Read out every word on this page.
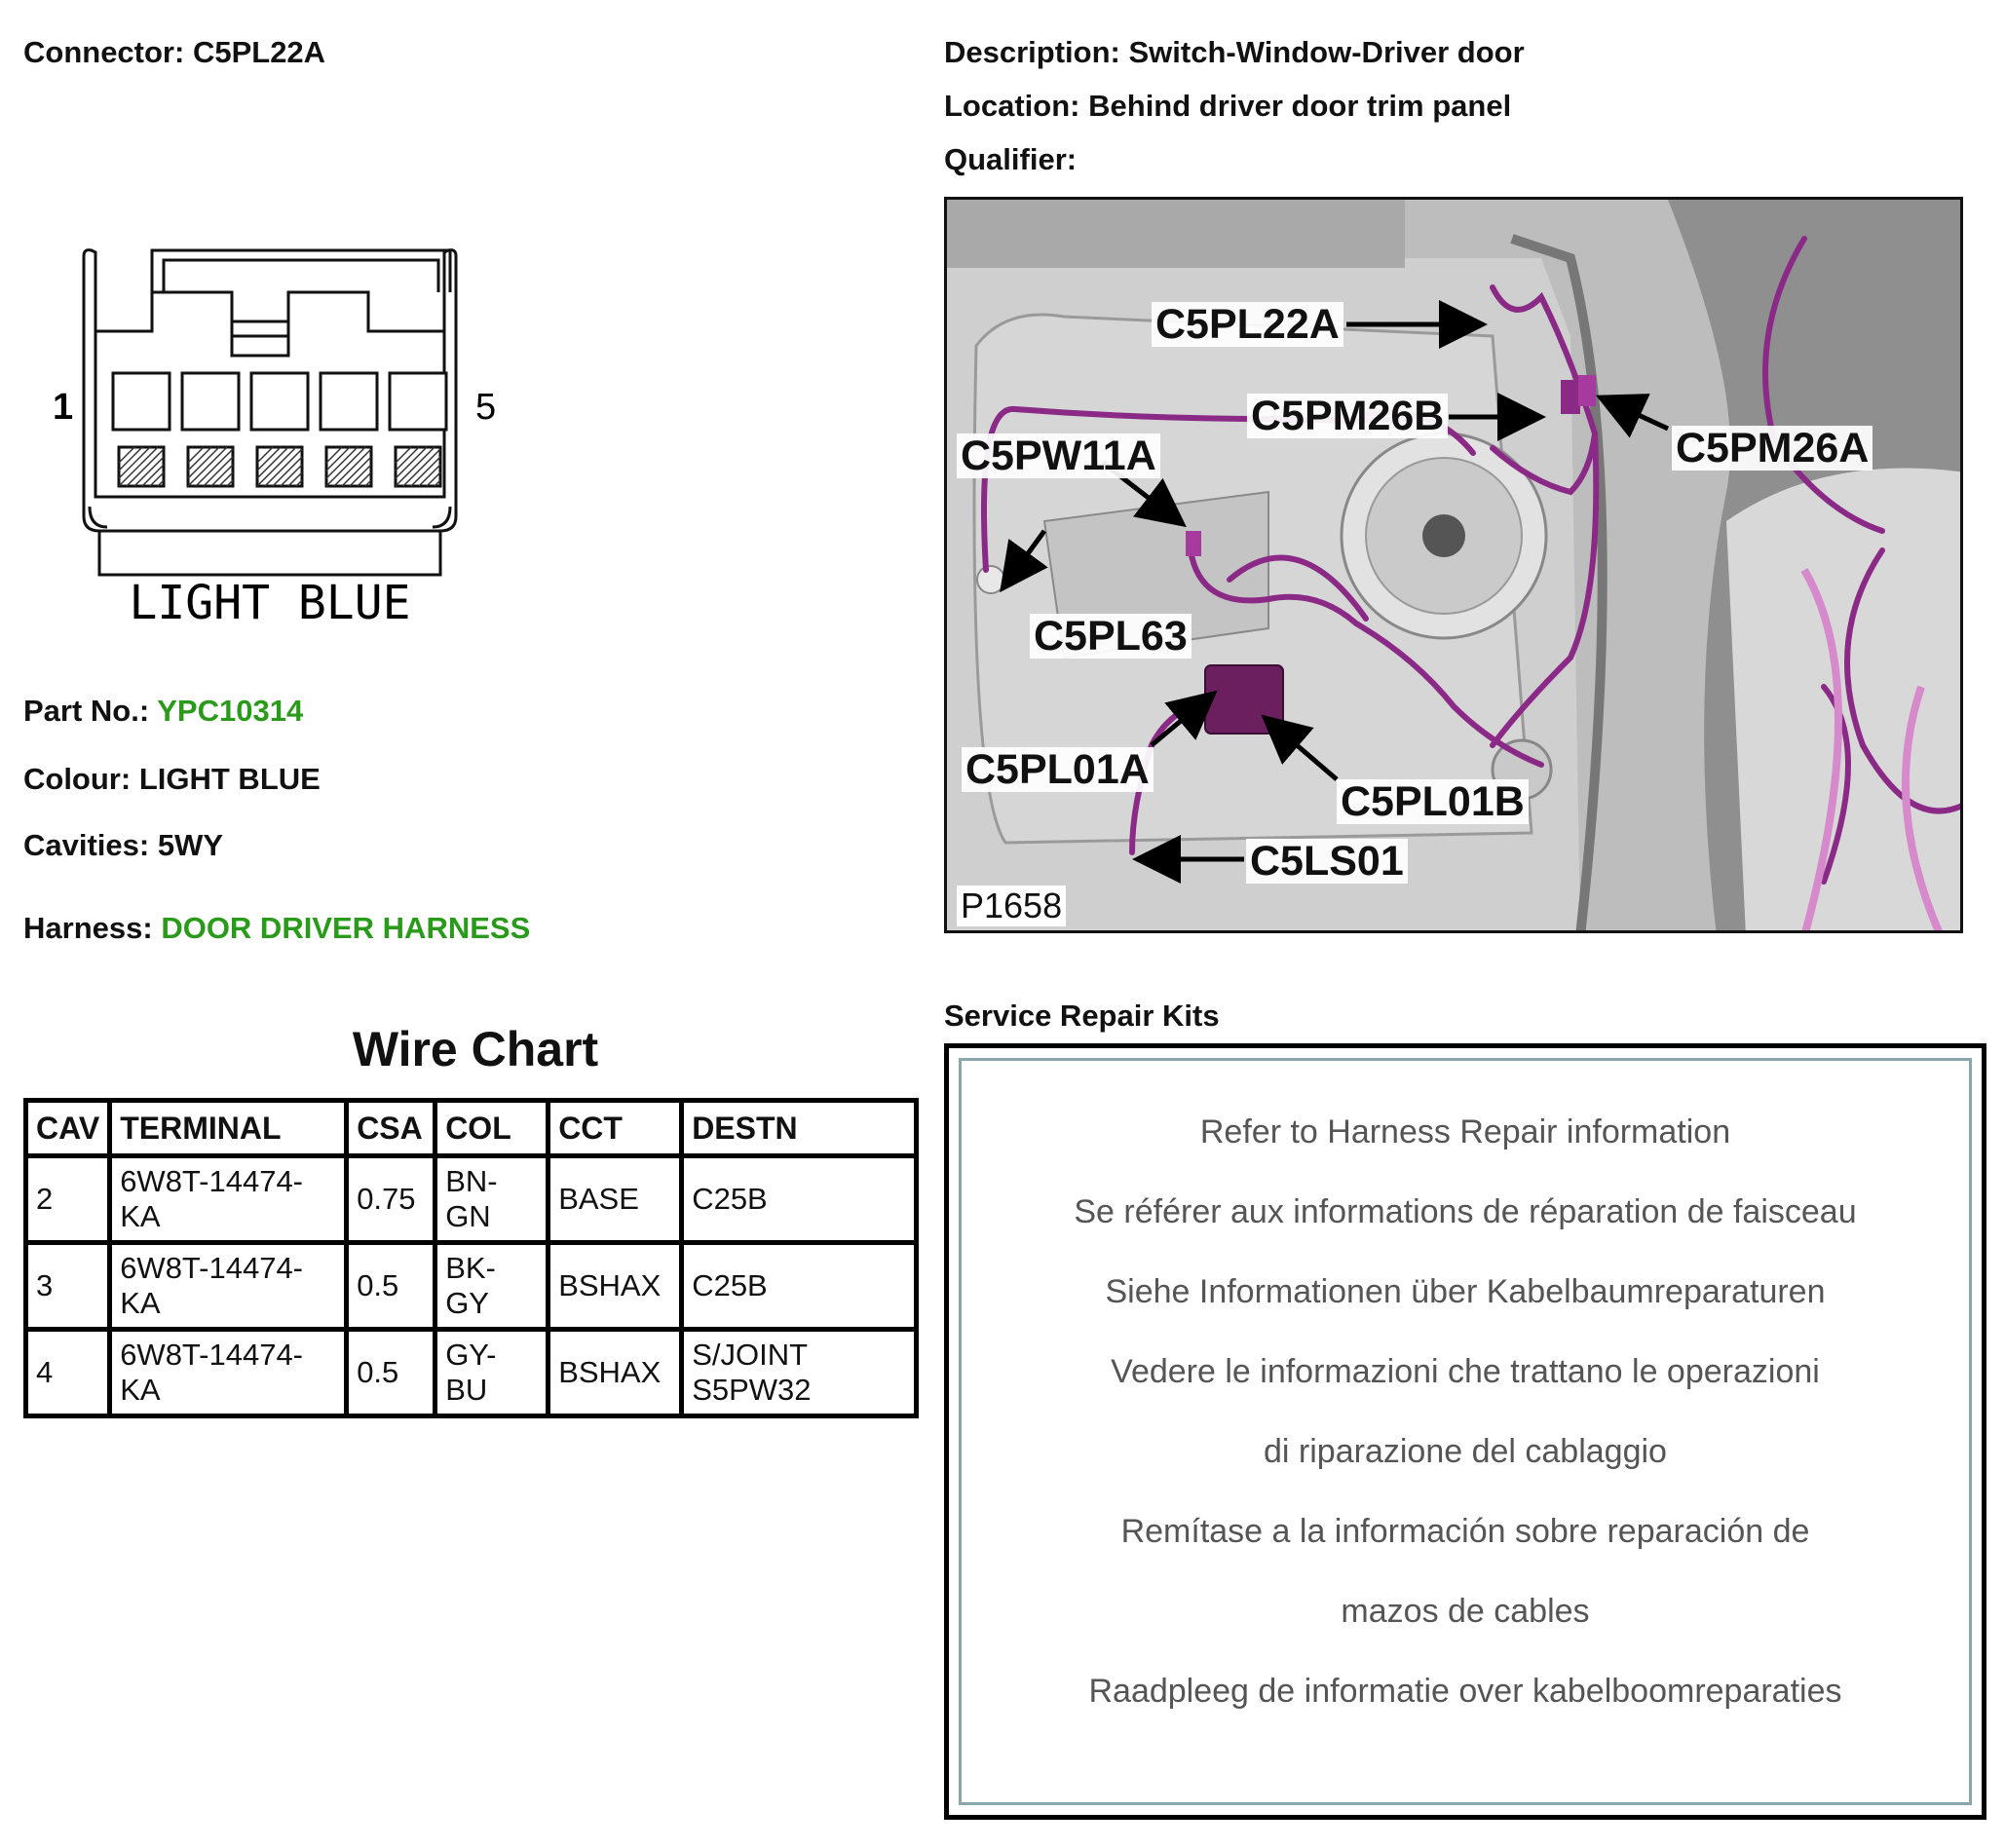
Connector: C5PL22A	Description: Switch-Window-Driver door
Location: Behind driver door trim panel
Qualifier:
1	5
LIGHT BLUE
Part No.: YPC10314
Colour: LIGHT BLUE
Cavities: 5WY
Harness: DOOR DRIVER HARNESS
Wire Chart
CAV	TERMINAL	CSA	COL	CCT	DESTN
2	6W8T-14474-KA	0.75	BN-GN	BASE	C25B
3	6W8T-14474-KA	0.5	BK-GY	BSHAX	C25B
4	6W8T-14474-KA	0.5	GY-BU	BSHAX	S/JOINT S5PW32
C5PL22A
C5PM26B
C5PM26A
C5PW11A
C5PL63
C5PL01A
C5PL01B
C5LS01
P1658
Service Repair Kits
Refer to Harness Repair information
Se référer aux informations de réparation de faisceau
Siehe Informationen über Kabelbaumreparaturen
Vedere le informazioni che trattano le operazioni
di riparazione del cablaggio
Remítase a la información sobre reparación de
mazos de cables
Raadpleeg de informatie over kabelboomreparaties
